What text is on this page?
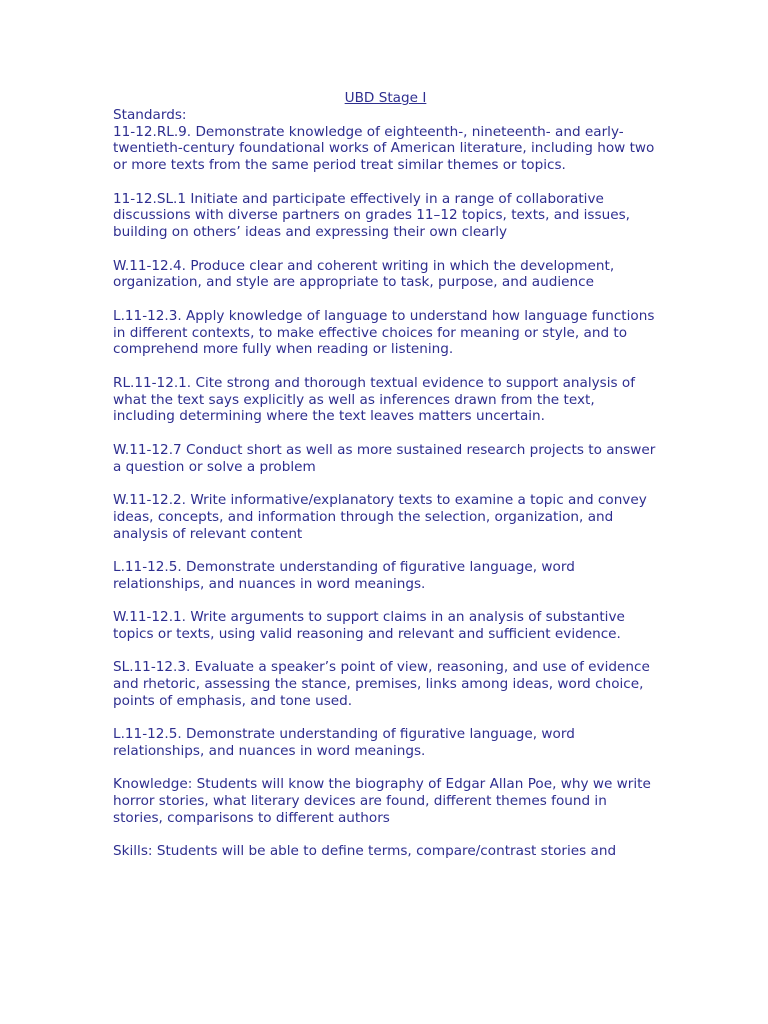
UBD Stage I
Standards:

11-12.RL.9. Demonstrate knowledge of eighteenth-, nineteenth- and early-twentieth-century foundational works of American literature, including how two or more texts from the same period treat similar themes or topics.

11-12.SL.1 Initiate and participate effectively in a range of collaborative discussions with diverse partners on grades 11–12 topics, texts, and issues, building on others’ ideas and expressing their own clearly

W.11-12.4. Produce clear and coherent writing in which the development, organization, and style are appropriate to task, purpose, and audience

L.11-12.3. Apply knowledge of language to understand how language functions in different contexts, to make effective choices for meaning or style, and to comprehend more fully when reading or listening.

RL.11-12.1. Cite strong and thorough textual evidence to support analysis of what the text says explicitly as well as inferences drawn from the text, including determining where the text leaves matters uncertain.

W.11-12.7 Conduct short as well as more sustained research projects to answer a question or solve a problem

W.11-12.2. Write informative/explanatory texts to examine a topic and convey ideas, concepts, and information through the selection, organization, and analysis of relevant content

L.11-12.5. Demonstrate understanding of figurative language, word relationships, and nuances in word meanings.

W.11-12.1. Write arguments to support claims in an analysis of substantive topics or texts, using valid reasoning and relevant and sufficient evidence.

SL.11-12.3. Evaluate a speaker’s point of view, reasoning, and use of evidence and rhetoric, assessing the stance, premises, links among ideas, word choice, points of emphasis, and tone used.

L.11-12.5. Demonstrate understanding of figurative language, word relationships, and nuances in word meanings.

Knowledge: Students will know the biography of Edgar Allan Poe, why we write horror stories, what literary devices are found, different themes found in stories, comparisons to different authors

Skills: Students will be able to define terms, compare/contrast stories and
